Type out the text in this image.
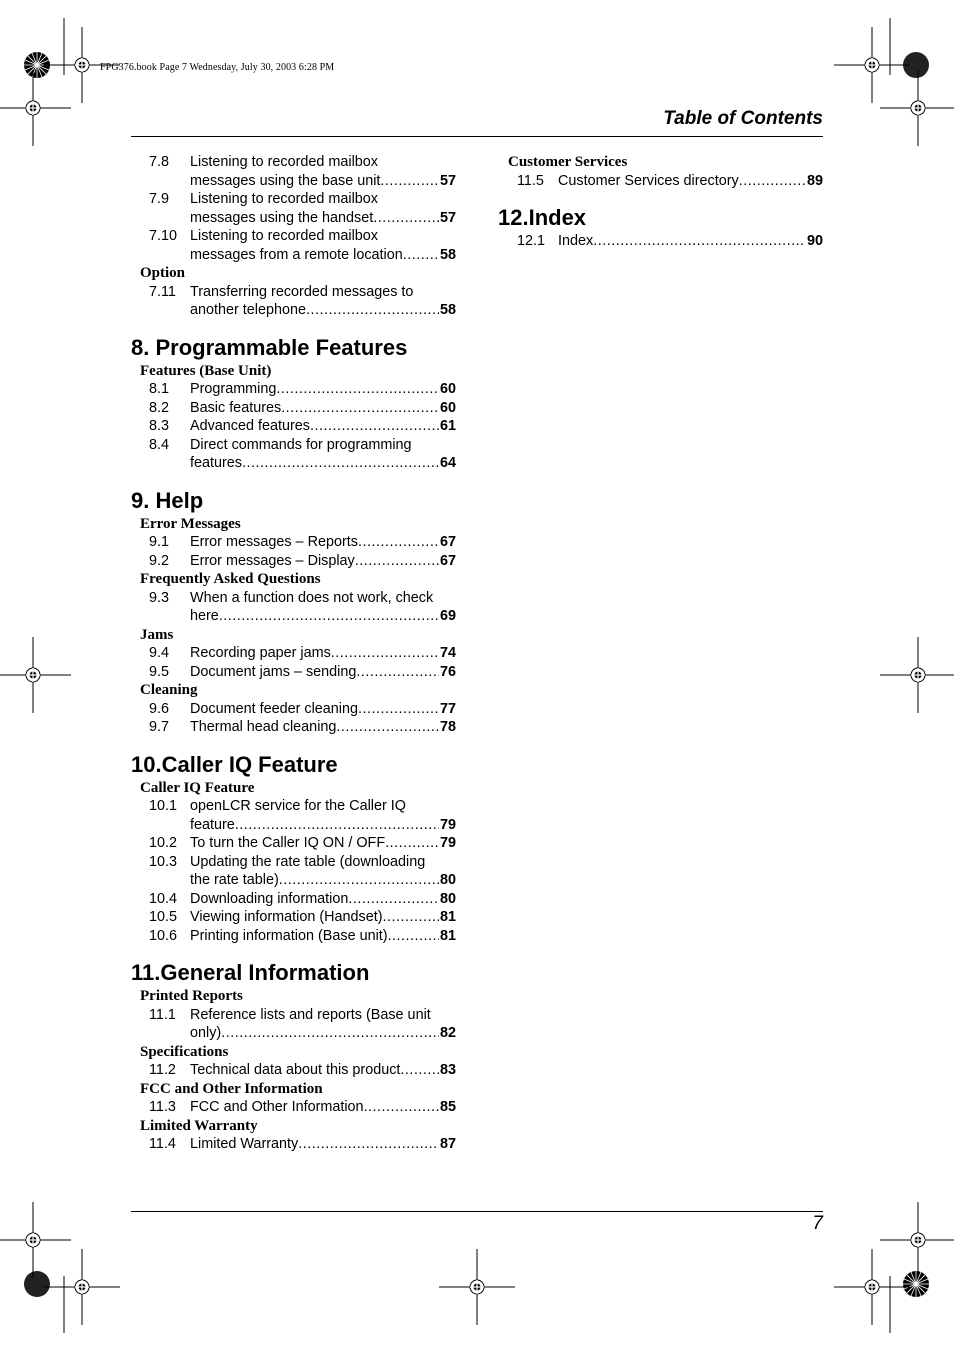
FPG376.book Page 7 Wednesday, July 30, 2003 6:28 PM
Table of Contents
7.8 Listening to recorded mailbox
messages using the base unit .....	57
7.9 Listening to recorded mailbox
messages using the handset .....	57
7.10 Listening to recorded mailbox
messages from a remote location .....	58
Option
7.11 Transferring recorded messages to
another telephone .....	58
8. Programmable Features
Features (Base Unit)
8.1 Programming .....	60
8.2 Basic features .....	60
8.3 Advanced features .....	61
8.4 Direct commands for programming
features .....	64
9. Help
Error Messages
9.1 Error messages – Reports .....	67
9.2 Error messages – Display .....	67
Frequently Asked Questions
9.3 When a function does not work, check
here .....	69
Jams
9.4 Recording paper jams .....	74
9.5 Document jams – sending .....	76
Cleaning
9.6 Document feeder cleaning .....	77
9.7 Thermal head cleaning .....	78
10.Caller IQ Feature
Caller IQ Feature
10.1 openLCR service for the Caller IQ
feature .....	79
10.2 To turn the Caller IQ ON / OFF .....	79
10.3 Updating the rate table (downloading
the rate table) .....	80
10.4 Downloading information .....	80
10.5 Viewing information (Handset) .....	81
10.6 Printing information (Base unit) .....	81
11.General Information
Printed Reports
11.1 Reference lists and reports (Base unit
only) .....	82
Specifications
11.2 Technical data about this product .....	83
FCC and Other Information
11.3 FCC and Other Information .....	85
Limited Warranty
11.4 Limited Warranty .....	87
Customer Services
11.5 Customer Services directory .....	89
12.Index
12.1 Index .....	90
7
